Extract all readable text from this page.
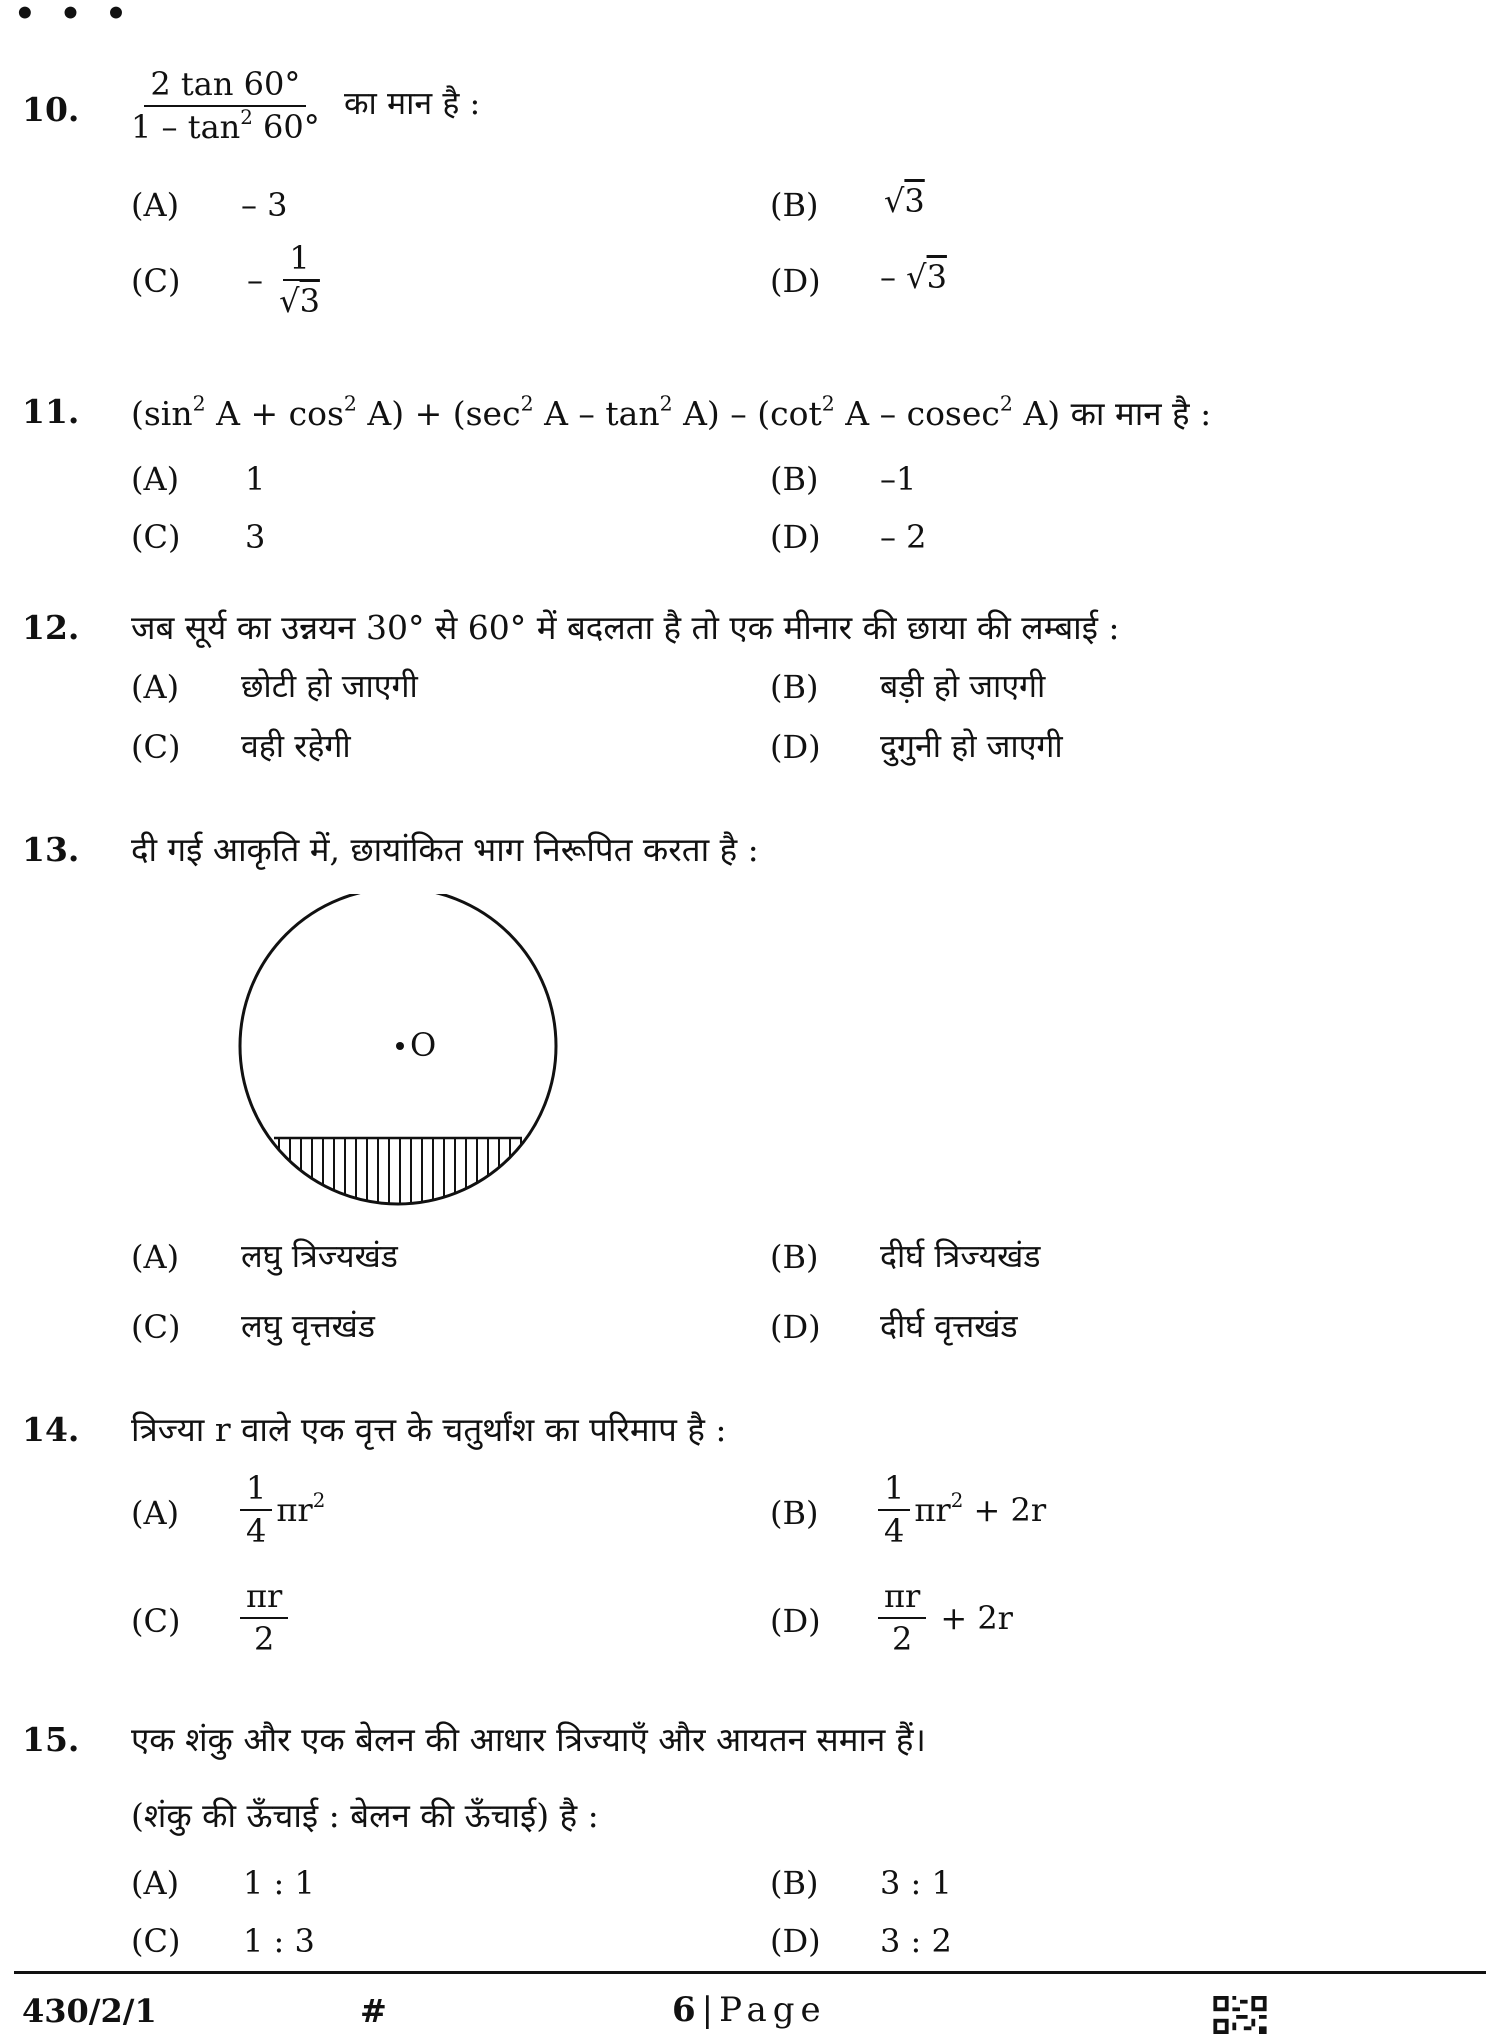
• • •
10. $\frac{2 \tan 60^\circ}{1 - \tan^2 60^\circ}$ का मान है :
(A) – 3	(B) √3
$(C) - \frac{1}{√3}$	(D) – √3
11. ($\sin^2$ $A + \cos^2 A) + (\sec^2$ A – $\tan^2 A) - (\cot^2$ A – cosec$^2$ A) का मान है :
(A) 1	(B) –1
(C) 3	(D) – 2
12. जब सूर्य का उन्नयन 30° से 60° में बदलता है तो एक मीनार की छाया की लम्बाई :
(A) छोटी हो जाएगी	(B) बड़ी हो जाएगी
(C) वही रहेगी	(D) दुगुनी हो जाएगी
13. दी गई आकृति में, छायांकित भाग निरूपित करता है :
O
(A) लघु त्रिज्यखंड	(B) दीर्घ त्रिज्यखंड
(C) लघु वृत्तखंड	(D) दीर्घ वृत्तखंड
14. त्रिज्या r वाले एक वृत्त के चतुर्थांश का परिमाप है :
$(A) \frac{1}{4} \pi r^2$	$(B) \frac{1}{4} \pi r^2 + 2r$
$(C) \frac{\pi r}{2}$	$(D) \frac{\pi r}{2} + 2r$
15. एक शंकु और एक बेलन की आधार त्रिज्याएँ और आयतन समान हैं।
(शंकु की ऊँचाई : बेलन की ऊँचाई) है :
(A) 1 : 1	(B) 3 : 1
(C) 1 : 3	(D) 3 : 2
430/2/1	#	6 | Page
